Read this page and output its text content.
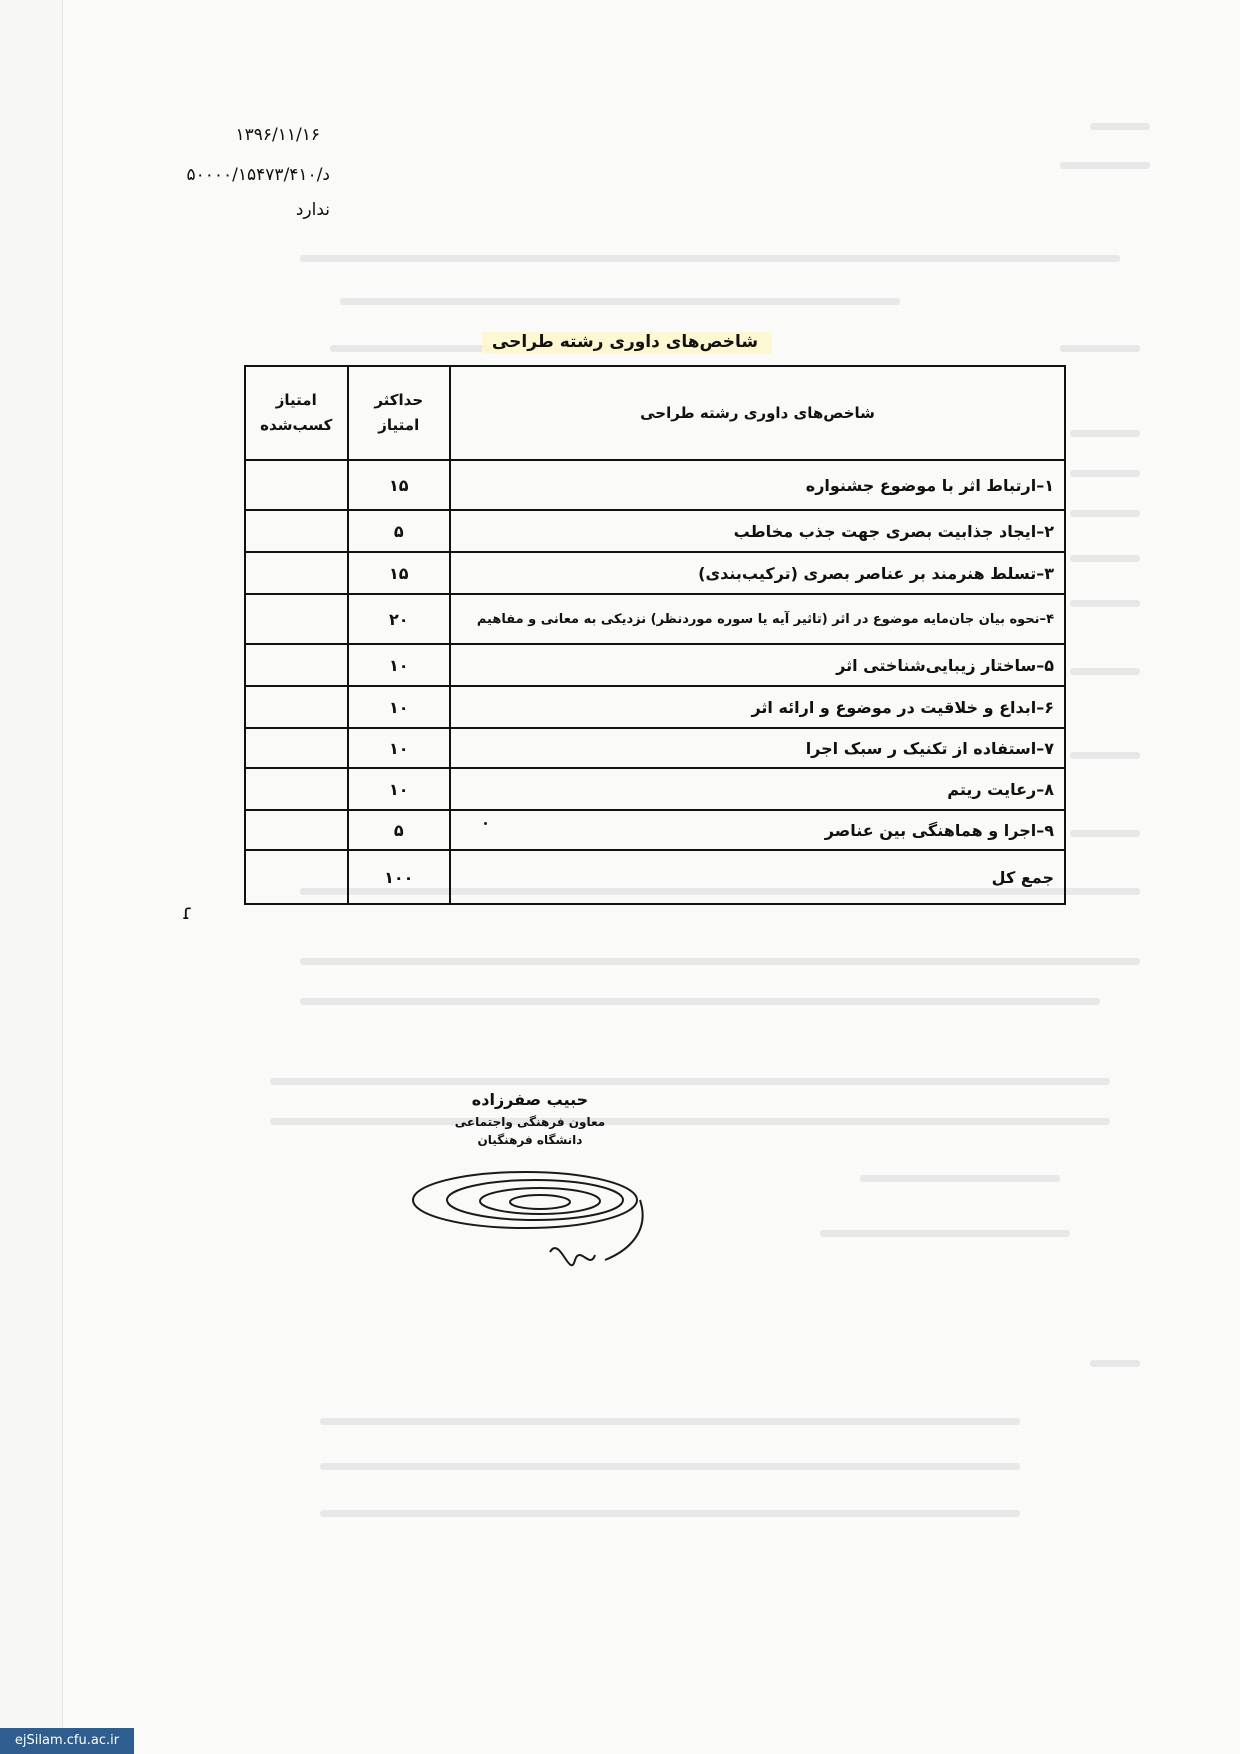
۱۳۹۶/۱۱/۱۶
د/۵۰۰۰۰/۱۵۴۷۳/۴۱۰
ندارد
شاخص‌های داوری رشته طراحی
شاخص‌های داوری رشته طراحی	حداکثر امتیاز	امتیاز کسب‌شده
۱–ارتباط اثر با موضوع جشنواره	۱۵	
۲–ایجاد جذابیت بصری جهت جذب مخاطب	۵	
۳–تسلط هنرمند بر عناصر بصری (ترکیب‌بندی)	۱۵	
۴–نحوه بیان جان‌مایه موضوع در اثر (تاثیر آیه یا سوره موردنظر) نزدیکی به معانی و مفاهیم	۲۰	
۵–ساختار زیبایی‌شناختی اثر	۱۰	
۶–ابداع و خلاقیت در موضوع و ارائه اثر	۱۰	
۷–استفاده از تکنیک ر سبک اجرا	۱۰	
۸–رعایت ریتم	۱۰	
۹–اجرا و هماهنگی بین عناصر	۵	
جمع کل	۱۰۰	
ɾ
حبیب صفرزاده
معاون فرهنگی واجتماعی
دانشگاه فرهنگیان
ejSilam.cfu.ac.ir
